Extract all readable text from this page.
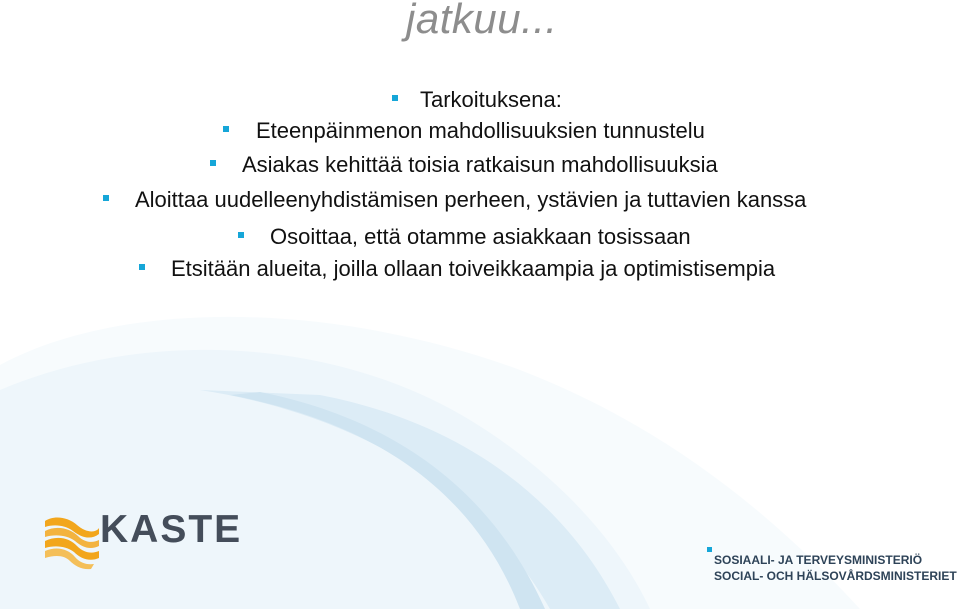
jatkuu...
Tarkoituksena:
Eteenpäinmenon mahdollisuuksien tunnustelu
Asiakas kehittää toisia ratkaisun mahdollisuuksia
Aloittaa uudelleenyhdistämisen perheen, ystävien ja tuttavien kanssa
Osoittaa, että otamme asiakkaan tosissaan
Etsitään alueita, joilla ollaan toiveikkaampia ja optimistisempia
KASTE
SOSIAALI- JA TERVEYSMINISTERIÖ
SOCIAL- OCH HÄLSOVÅRDSMINISTERIET
